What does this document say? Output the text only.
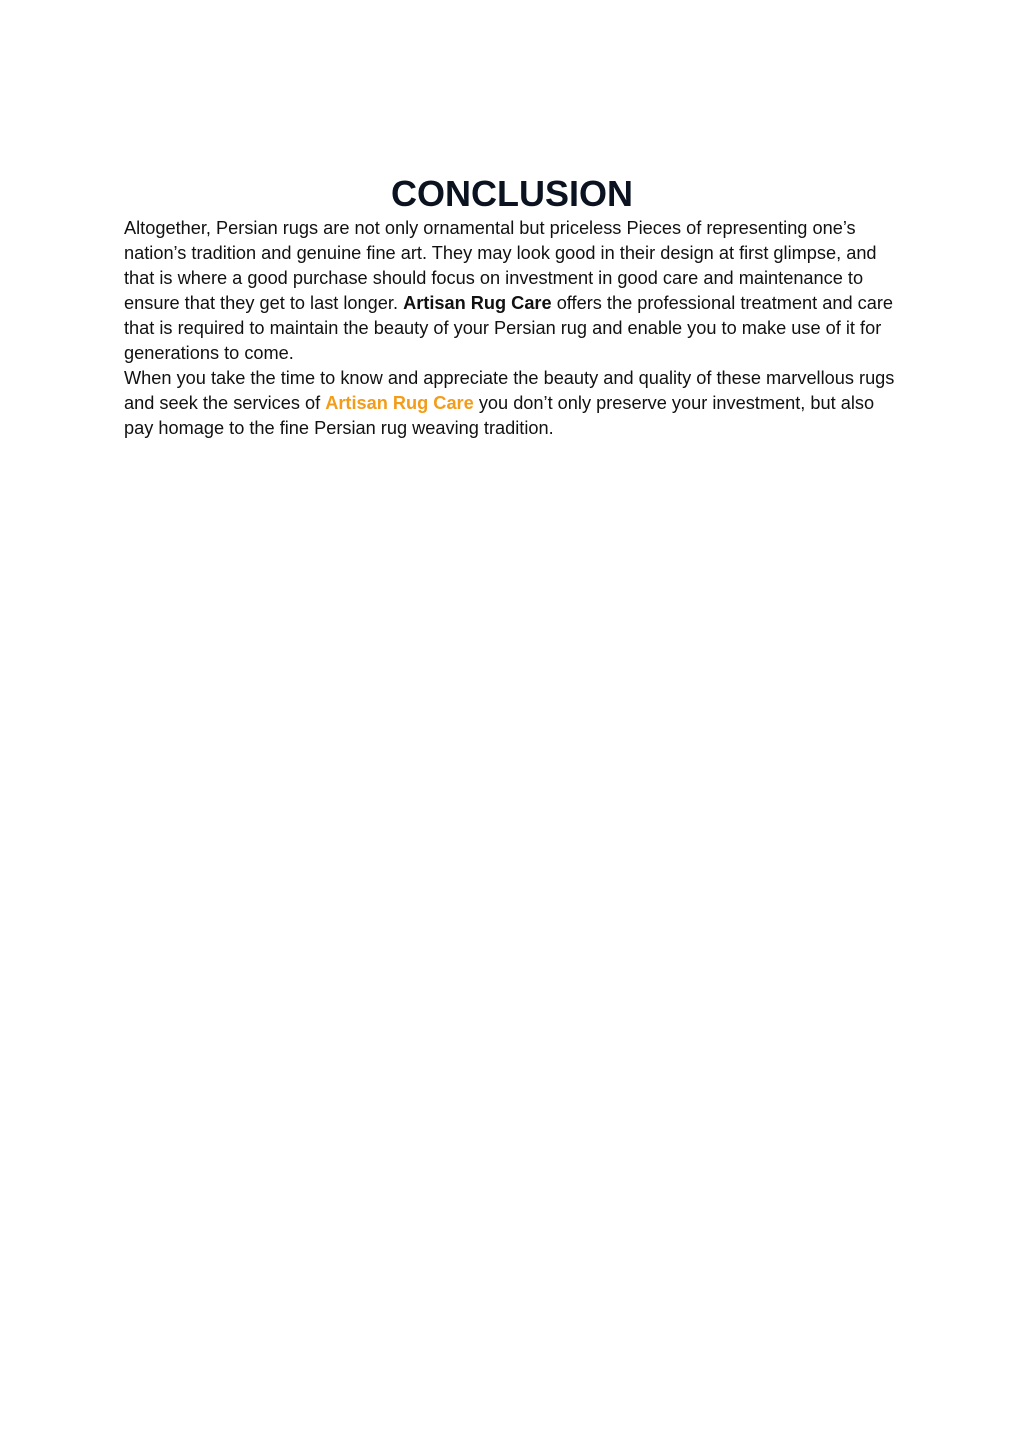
CONCLUSION

Altogether, Persian rugs are not only ornamental but priceless Pieces of representing one’s nation’s tradition and genuine fine art. They may look good in their design at first glimpse, and that is where a good purchase should focus on investment in good care and maintenance to ensure that they get to last longer. Artisan Rug Care offers the professional treatment and care that is required to maintain the beauty of your Persian rug and enable you to make use of it for generations to come.

When you take the time to know and appreciate the beauty and quality of these marvellous rugs and seek the services of Artisan Rug Care you don’t only preserve your investment, but also pay homage to the fine Persian rug weaving tradition.
